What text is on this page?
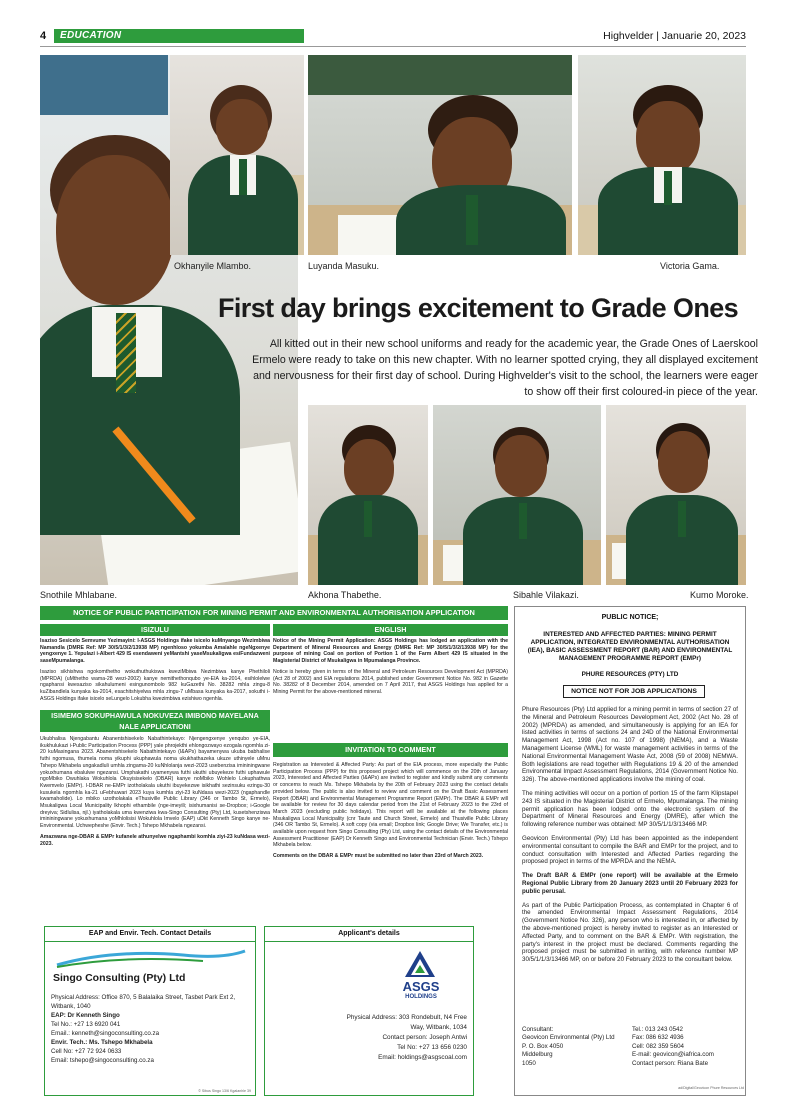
4	EDUCATION	Highvelder | Januarie 20, 2023
Okhanyile Mlambo.
Snothile Mhlabane.
Luyanda Masuku.	Victoria Gama.
First day brings excitement to Grade Ones
All kitted out in their new school uniforms and ready for the academic year, the Grade Ones of Laerskool Ermelo were ready to take on this new chapter. With no learner spotted crying, they all displayed excitement and nervousness for their first day of school. During Highvelder's visit to the school, the learners were eager to show off their first coloured-in piece of the year.
Akhona Thabethe.	Sibahle Vilakazi.	Kumo Moroke.
NOTICE OF PUBLIC PARTICIPATION FOR MINING PERMIT AND ENVIRONMENTAL AUTHORISATION APPLICATION
ISIZULU	ENGLISH

Isaziso Sesicelo Semvume Yezimayini: I-ASGS Holdings ifake isicelo kuMnyango Wezimbiwa Namandla (DMRE Ref: MP 30/5/1/3/2/13938 MP) ngenhloso yokumba Amalahle ngeNgxenye yengxenye 1. Yepulazi i-Albert 429 IS esendaweni yeMantshi yaseMsukaligwa esiFundazweni saseMpumalanga.

Isaziso sikhishwa ngokomthetho wokuthuthukiswa kweziMbiwa Nezimbiwa kanye Phethiloli (MPRDA) (uMthetho wama-28 wezi-2002) kanye nemithethonqubo ye-EIA ka-2014, esihlolelwe ngaphansi kwesaziso sikahulumeni esingunombolo 982 kuGazethi No. 38282 mhla zingu-8 kuZibandlela kunyaka ka-2014, esachitshiyelwa mhla zingu-7 uMbasa kunyaka ka-2017, sokuthi i-ASGS Holdings ifake isicelo seLungelo Lokubha kwezimbiwa ezishiwo ngenhla.

ISIMEMO SOKUPHAWULA NOKUVEZA IMIBONO MAYELANA NALE APPLICATIONI

Ukubhalisa Njengabantu Abanentshisekelo Nabathintekayo: Njengengxenye yenqubo ye-EIA, ikukhulukazi i-Public Participation Process (PPP) yale phrojekthi ehlongozwayo ezogala ngomhla zi-20 kuMasingana 2023. Abanentshisekelo Nabathintekayo (I&APs) bayamenywa ukuba babhalise futhi ngomusa, thumela noma yikuphi ukuphawula noma ukukhathazeka ukuze uthinyele uMnu Tshepo Mkhabela ungakadluli umhla zingama-20 kuNhlolanja wezi-2023 usebenzisa imininingwane yokuxhumana ebalulwe ngezansi. Umphakathi uyamenywa futhi ukuthi ubuyekeze futhi uphawule ngoMbiko Owuhlaka Wokuhlola Okuyisisekelo (DBAR) kanye noMbiko Wohlelo Lokuphathwa Kwemvelo (EMPr). I-DBAR ne-EMPr izotholakala ukuthi ibuyekezwe isikhathi sezinsuku ezingu-30 kusukela ngomhla ka-21 uFebhuwari 2023 kuya kumhla ziyi-23 kuNdasa wezi-2023 (ngaphandle kwamaholide). Lo mbiko uzotholakala eThusiville Public Library (346 or Tambo St, Ermelo), Msukaligwa Local Municipality lkhophi ethambile (nge-imeyili; isixhumanisi se-Dropbox; i-Google dreyiva; Sidlulisa, njl.) iyatholakala uma kwenziwa kwa-Singo Consulting (Pty) Ltd, kusetshenziswa imininingwane yokuxhumana yoMhlolisisi Wokuhlola Imvelo (EAP) uDkt Kenneth Singo kanye ne-Environmental. Uchwepheshe (Envir. Tech.) Tshepo Mkhabela ngezansi.

Amazwana nge-DBAR & EMPr kufanele athunyelwe ngaphambi komhla ziyi-23 kuNdasa wezi-2023.

Notice of the Mining Permit Application: ASGS Holdings has lodged an application with the Department of Mineral Resources and Energy (DMRE Ref: MP 30/5/1/3/2/13938 MP) for the purpose of mining Coal on portion of Portion 1 of the Farm Albert 429 IS situated in the Magisterial District of Msukaligwa in Mpumalanga Province.

Notice is hereby given in terms of the Mineral and Petroleum Resources Development Act (MPRDA) (Act 28 of 2002) and EIA regulations 2014, published under Government Notice No. 982 in Gazette No. 38282 of 8 December 2014, amended on 7 April 2017, that ASGS Holdings has applied for a Mining Permit for the above-mentioned mineral.

INVITATION TO COMMENT

Registration as Interested & Affected Party: As part of the EIA process, more especially the Public Participation Process (PPP) for this proposed project which will commence on the 20th of January 2023, Interested and Affected Parties (I&APs) are invited to register and kindly submit any comments or concerns to reach Ms. Tshepo Mkhabela by the 20th of February 2023 using the contact details provided below. The public is also invited to review and comment on the Draft Basic Assessment Report (DBAR) and Environmental Management Programme Report (EMPr). The DBAR & EMPr will be available for review for 30 days calendar period from the 21st of February 2023 to the 23rd of March 2023 (excluding public holidays). This report will be available at the following places Msukaligwa Local Municipality (cnr Taute and Church Street, Ermelo) and Thusiville Public Library (346 OR Tambo St, Ermelo). A soft copy (via email; Dropbox link; Google Drive; We Transfer, etc.) is available upon request from Singo Consulting (Pty) Ltd, using the contact details of the Environmental Assessment Practitioner (EAP) Dr Kenneth Singo and Environmental Technician (Envir. Tech.) Tshepo Mkhabela below.

Comments on the DBAR & EMPr must be submitted no later than 23rd of March 2023.

EAP and Envir. Tech. Contact Details
Singo Consulting (Pty) Ltd
Physical Address: Office 870, 5 Balalaika Street, Tasbet Park Ext 2, Witbank, 1040
EAP: Dr Kenneth Singo
Tel No.: +27 13 6920 041
Email.: kenneth@singoconsulting.co.za
Envir. Tech.: Ms. Tshepo Mkhabela
Cell No: +27 72 924 0633
Email: tshepo@singoconsulting.co.za
© Sibus Singo 13/6 Kgalanhle 39
Applicant's details
ASGS
HOLDINGS
Physical Address: 303 Rondebult, N4 Free
Way, Witbank, 1034
Contact person: Joseph Antwi
Tel No: +27 13 656 0230
Email: holdings@asgscoal.com
PUBLIC NOTICE;
INTERESTED AND AFFECTED PARTIES: MINING PERMIT APPLICATION, INTEGRATED ENVIRONMENTAL AUTHORISATION (IEA), BASIC ASSESSMENT REPORT (BAR) AND ENVIRONMENTAL MANAGEMENT PROGRAMME REPORT (EMPr)
PHURE RESOURCES (PTY) LTD
NOTICE NOT FOR JOB APPLICATIONS

Phure Resources (Pty) Ltd applied for a mining permit in terms of section 27 of the Mineral and Petroleum Resources Development Act, 2002 (Act No. 28 of 2002) (MPRDA) as amended, and simultaneously is applying for an IEA for listed activities in terms of sections 24 and 24D of the National Environmental Management Act, 1998 (Act no. 107 of 1998) (NEMA), and a Waste Management License (WML) for waste management activities in terms of the National Environmental Management Waste Act, 2008 (59 of 2008) NEMWA. Both legislations are read together with Regulations 19 & 20 of the amended Environmental Impact Assessment Regulations, 2014 (Government Notice No. 326). The above-mentioned applications involve the mining of coal.

The mining activities will occur on a portion of portion 15 of the farm Klipstapel 243 IS situated in the Magisterial District of Ermelo, Mpumalanga. The mining permit application has been lodged onto the electronic system of the Department of Mineral Resources and Energy (DMRE), after which the following reference number was obtained: MP 30/5/1/1/3/13466 MP.

Geovicon Environmental (Pty) Ltd has been appointed as the independent environmental consultant to compile the BAR and EMPr for the project, and to conduct consultation with Interested and Affected Parties regarding the proposed project in terms of the MPRDA and the NEMA.

The Draft BAR & EMPr (one report) will be available at the Ermelo Regional Public Library from 20 January 2023 until 20 February 2023 for public perusal.

As part of the Public Participation Process, as contemplated in Chapter 6 of the amended Environmental Impact Assessment Regulations, 2014 (Government Notice No. 326), any person who is interested in, or affected by the above-mentioned project is hereby invited to register as an Interested or Affected Party, and to comment on the BAR & EMPr. With registration, the party's interest in the project must be declared. Comments regarding the proposed project must be submitted in writing, with reference number MP 30/5/1/1/3/13466 MP, on or before 20 February 2023 to the consultant below.

Consultant:
Geovicon Environmental (Pty) Ltd
P. O. Box 4050
Middelburg
1050
Tel.: 013 243 0542
Fax: 086 632 4936
Cell: 082 359 5604
E-mail: geovicon@iafrica.com
Contact person: Riana Bate
ad/Digital/Geovicon Phure Resources Ltd
